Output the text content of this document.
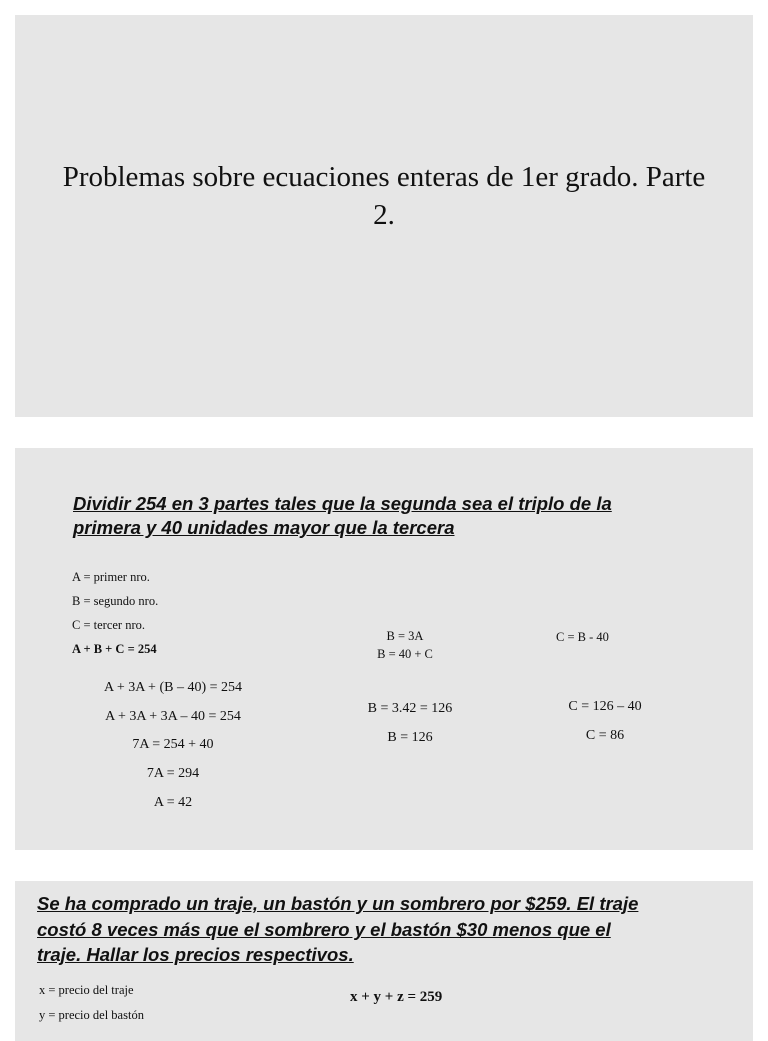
Problemas sobre ecuaciones enteras de 1er grado. Parte 2.
Dividir 254 en 3 partes tales que la segunda sea el triplo de la
primera y 40 unidades mayor que la tercera
A = primer nro.
B = segundo nro.
C = tercer nro.
A + B + C = 254
B = 3A
B = 40 + C
C = B - 40
A + 3A + (B – 40) = 254
A + 3A + 3A – 40 = 254
7A = 254 + 40
7A = 294
A = 42
B = 3.42 = 126
B = 126
C = 126 – 40
C = 86
Se ha comprado un traje, un bastón y un sombrero por $259. El traje
costó 8 veces más que el sombrero y el bastón $30 menos que el
traje. Hallar los precios respectivos.
x = precio del traje
y = precio del bastón
x + y + z = 259
